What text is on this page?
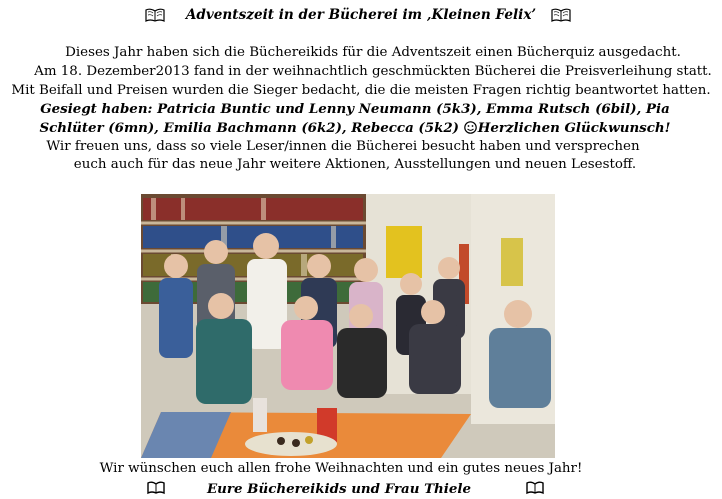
Adventszeit in der Bücherei im ‚Kleinen Felix’
Dieses Jahr haben sich die Büchereikids für die Adventszeit einen Bücherquiz ausgedacht.
Am 18. Dezember2013 fand in der weihnachtlich geschmückten Bücherei die Preisverleihung statt.
Mit Beifall und Preisen wurden die Sieger bedacht, die die meisten Fragen richtig beantwortet hatten.
Gesiegt haben: Patricia Buntic und Lenny Neumann (5k3), Emma Rutsch (6bil), Pia
Schlüter (6mn), Emilia Bachmann (6k2), Rebecca (5k2) Herzlichen Glückwunsch!
Wir freuen uns, dass so viele Leser/innen die Bücherei besucht haben und versprechen
euch auch für das neue Jahr weitere Aktionen, Ausstellungen und neuen Lesestoff.
Wir wünschen euch allen frohe Weihnachten und ein gutes neues Jahr!
Eure Büchereikids und Frau Thiele
